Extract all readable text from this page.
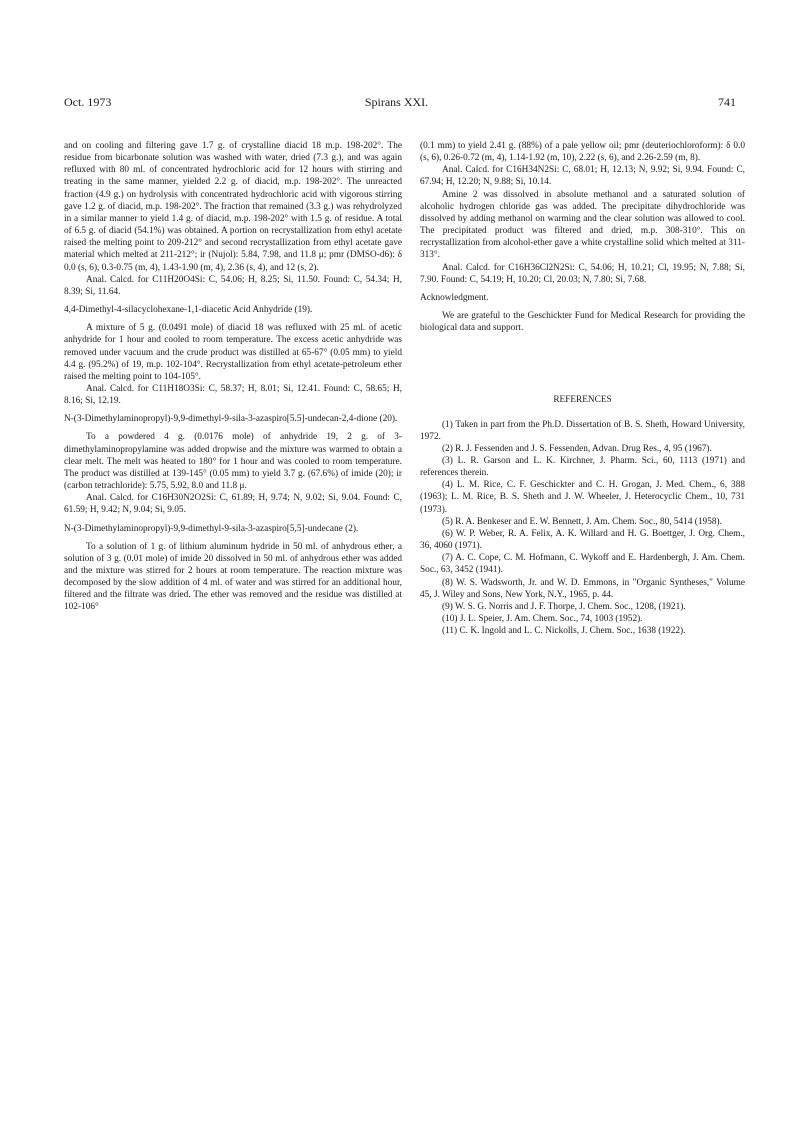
Oct. 1973	Spirans XXI.	741

and on cooling and filtering gave 1.7 g. of crystalline diacid 18 m.p. 198-202°. The residue from bicarbonate solution was washed with water, dried (7.3 g.), and was again refluxed with 80 ml. of concentrated hydrochloric acid for 12 hours with stirring and treating in the same manner, yielded 2.2 g. of diacid, m.p. 198-202°. The unreacted fraction (4.9 g.) on hydrolysis with concentrated hydrochloric acid with vigorous stirring gave 1.2 g. of diacid, m.p. 198-202°. The fraction that remained (3.3 g.) was rehydrolyzed in a similar manner to yield 1.4 g. of diacid, m.p. 198-202° with 1.5 g. of residue. A total of 6.5 g. of diacid (54.1%) was obtained. A portion on recrystallization from ethyl acetate raised the melting point to 209-212° and second recrystallization from ethyl acetate gave material which melted at 211-212°; ir (Nujol): 5.84, 7.98, and 11.8 μ; pmr (DMSO-d6): δ 0.0 (s, 6), 0.3-0.75 (m, 4), 1.43-1.90 (m, 4), 2.36 (s, 4), and 12 (s, 2).

Anal. Calcd. for C11H20O4Si: C, 54.06; H, 8.25; Si, 11.50. Found: C, 54.34; H, 8.39; Si, 11.64.

4,4-Dimethyl-4-silacyclohexane-1,1-diacetic Acid Anhydride (19).

A mixture of 5 g. (0.0491 mole) of diacid 18 was refluxed with 25 ml. of acetic anhydride for 1 hour and cooled to room temperature. The excess acetic anhydride was removed under vacuum and the crude product was distilled at 65-67° (0.05 mm) to yield 4.4 g. (95.2%) of 19, m.p. 102-104°. Recrystallization from ethyl acetate-petroleum ether raised the melting point to 104-105°.

Anal. Calcd. for C11H18O3Si: C, 58.37; H, 8.01; Si, 12.41. Found: C, 58.65; H, 8.16; Si, 12.19.

N-(3-Dimethylaminopropyl)-9,9-dimethyl-9-sila-3-azaspiro[5.5]-undecan-2,4-dione (20).

To a powdered 4 g. (0.0176 mole) of anhydride 19, 2 g. of 3-dimethylaminopropylamine was added dropwise and the mixture was warmed to obtain a clear melt. The melt was heated to 180° for 1 hour and was cooled to room temperature. The product was distilled at 139-145° (0.05 mm) to yield 3.7 g. (67.6%) of imide (20); ir (carbon tetrachloride): 5.75, 5.92, 8.0 and 11.8 μ.

Anal. Calcd. for C16H30N2O2Si: C, 61.89; H, 9.74; N, 9.02; Si, 9.04. Found: C, 61.59; H, 9.42; N, 9.04; Si, 9.05.

N-(3-Dimethylaminopropyl)-9,9-dimethyl-9-sila-3-azaspiro[5,5]-undecane (2).

To a solution of 1 g. of lithium aluminum hydride in 50 ml. of anhydrous ether, a solution of 3 g. (0.01 mole) of imide 20 dissolved in 50 ml. of anhydrous ether was added and the mixture was stirred for 2 hours at room temperature. The reaction mixture was decomposed by the slow addition of 4 ml. of water and was stirred for an additional hour, filtered and the filtrate was dried. The ether was removed and the residue was distilled at 102-106°

(0.1 mm) to yield 2.41 g. (88%) of a pale yellow oil; pmr (deuteriochloroform): δ 0.0 (s, 6), 0.26-0.72 (m, 4), 1.14-1.92 (m, 10), 2.22 (s, 6), and 2.26-2.59 (m, 8).

Anal. Calcd. for C16H34N2Si: C, 68.01; H, 12.13; N, 9.92; Si, 9.94. Found: C, 67.94; H, 12.20; N, 9.88; Si, 10.14.

Amine 2 was dissolved in absolute methanol and a saturated solution of alcoholic hydrogen chloride gas was added. The precipitate dihydrochloride was dissolved by adding methanol on warming and the clear solution was allowed to cool. The precipitated product was filtered and dried, m.p. 308-310°. This on recrystallization from alcohol-ether gave a white crystalline solid which melted at 311-313°.

Anal. Calcd. for C16H36Cl2N2Si: C, 54.06; H, 10.21; Cl, 19.95; N, 7.88; Si, 7.90. Found: C, 54.19; H, 10.20; Cl, 20.03; N, 7.80; Si, 7.68.

Acknowledgment.

We are grateful to the Geschickter Fund for Medical Research for providing the biological data and support.

REFERENCES

(1) Taken in part from the Ph.D. Dissertation of B. S. Sheth, Howard University, 1972.

(2) R. J. Fessenden and J. S. Fessenden, Advan. Drug Res., 4, 95 (1967).

(3) L. R. Garson and L. K. Kirchner, J. Pharm. Sci., 60, 1113 (1971) and references therein.

(4) L. M. Rice, C. F. Geschickter and C. H. Grogan, J. Med. Chem., 6, 388 (1963); L. M. Rice, B. S. Sheth and J. W. Wheeler, J. Heterocyclic Chem., 10, 731 (1973).

(5) R. A. Benkeser and E. W. Bennett, J. Am. Chem. Soc., 80, 5414 (1958).

(6) W. P. Weber, R. A. Felix, A. K. Willard and H. G. Boettger, J. Org. Chem., 36, 4060 (1971).

(7) A. C. Cope, C. M. Hofmann, C. Wykoff and E. Hardenbergh, J. Am. Chem. Soc., 63, 3452 (1941).

(8) W. S. Wadsworth, Jr. and W. D. Emmons, in "Organic Syntheses," Volume 45, J. Wiley and Sons, New York, N.Y., 1965, p. 44.

(9) W. S. G. Norris and J. F. Thorpe, J. Chem. Soc., 1208, (1921).

(10) J. L. Speier, J. Am. Chem. Soc., 74, 1003 (1952).

(11) C. K. Ingold and L. C. Nickolls, J. Chem. Soc., 1638 (1922).
